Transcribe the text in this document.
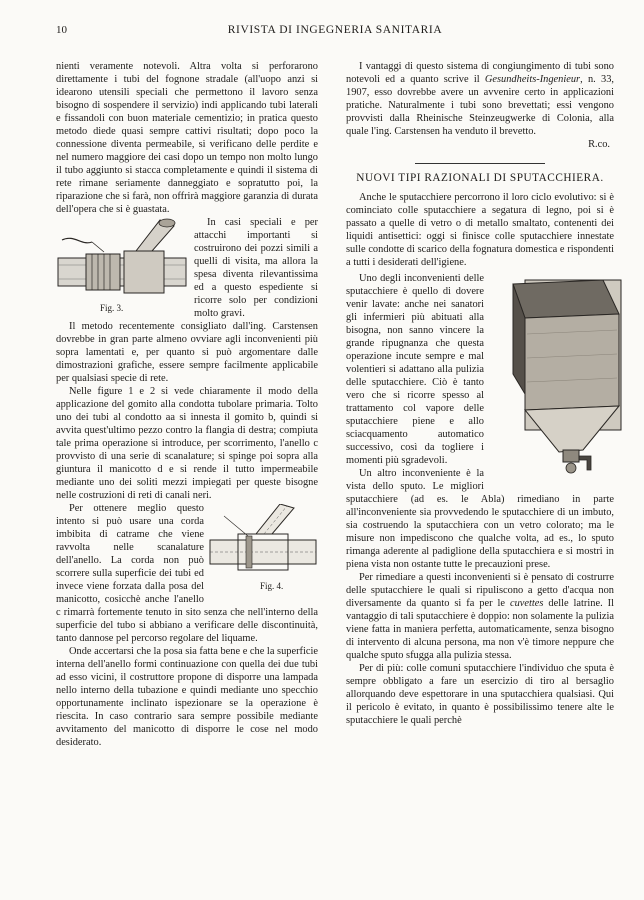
10	RIVISTA DI INGEGNERIA SANITARIA

nienti veramente notevoli. Altra volta si perforarono direttamente i tubi del fognone stradale (all'uopo anzi si idearono utensili speciali che permettono il lavoro senza bisogno di sospendere il servizio) indi applicando tubi laterali e fissandoli con buon materiale cementizio; in pratica questo metodo diede quasi sempre cattivi risultati; dopo poco la connessione diventa permeabile, si verificano delle perdite e nel numero maggiore dei casi dopo un tempo non molto lungo il tubo aggiunto si stacca completamente e quindi il sistema di rete rimane seriamente danneggiato e sopratutto poi, la riparazione che si farà, non offrirà maggiore garanzia di durata dell'opera che si è guastata.

Fig. 3.

In casi speciali e per attacchi importanti si costruirono dei pozzi simili a quelli di visita, ma allora la spesa diventa rilevantissima ed a questo espediente si ricorre solo per condizioni molto gravi.

Il metodo recentemente consigliato dall'ing. Carstensen dovrebbe in gran parte almeno ovviare agli inconvenienti più sopra lamentati e, per quanto si può argomentare dalle dimostrazioni grafiche, essere sempre facilmente applicabile per qualsiasi specie di rete.

Nelle figure 1 e 2 si vede chiaramente il modo della applicazione del gomito alla condotta tubolare primaria. Tolto uno dei tubi al condotto aa si innesta il gomito b, quindi si avvita quest'ultimo pezzo contro la flangia di destra; compiuta tale prima operazione si introduce, per scorrimento, l'anello c provvisto di una serie di scanalature; si spinge poi sopra alla giuntura il manicotto d e si rende il tutto impermeabile mediante uno dei soliti mezzi impiegati per queste bisogne nelle costruzioni di reti di canali neri.

Fig. 4.

Per ottenere meglio questo intento si può usare una corda imbibita di catrame che viene ravvolta nelle scanalature dell'anello. La corda non può scorrere sulla superficie dei tubi ed invece viene forzata dalla posa del manicotto, cosicchè anche l'anello c rimarrà fortemente tenuto in sito senza che nell'interno della superficie del tubo si abbiano a verificare delle discontinuità, tanto dannose pel percorso regolare del liquame.

Onde accertarsi che la posa sia fatta bene e che la superficie interna dell'anello formi continuazione con quella dei due tubi ad esso vicini, il costruttore propone di disporre una lampada nello interno della tubazione e quindi mediante uno specchio opportunamente inclinato ispezionare se la operazione è riescita. In caso contrario sara sempre possibile mediante avvitamento del manicotto di disporre le cose nel modo desiderato.

I vantaggi di questo sistema di congiungimento di tubi sono notevoli ed a quanto scrive il Gesundheits-Ingenieur, n. 33, 1907, esso dovrebbe avere un avvenire certo in applicazioni pratiche. Naturalmente i tubi sono brevettati; essi vengono provvisti dalla Rheinische Steinzeugwerke di Colonia, alla quale l'ing. Carstensen ha venduto il brevetto.

R.co.

NUOVI TIPI RAZIONALI DI SPUTACCHIERA.

Anche le sputacchiere percorrono il loro ciclo evolutivo: si è cominciato colle sputacchiere a segatura di legno, poi si è passato a quelle di vetro o di metallo smaltato, contenenti dei liquidi antisettici: oggi si finisce colle sputacchiere innestate sulle condotte di scarico della fognatura domestica e rispondenti a tutti i desiderati dell'igiene.

Uno degli inconvenienti delle sputacchiere è quello di dovere venir lavate: anche nei sanatori gli infermieri più abituati alla bisogna, non sanno vincere la grande ripugnanza che questa operazione incute sempre e mal volentieri si adattano alla pulizia delle sputacchiere. Ciò è tanto vero che si ricorre spesso al trattamento col vapore delle sputacchiere piene e allo sciacquamento automatico successivo, così da togliere i momenti più sgradevoli.

Un altro inconveniente è la vista dello sputo. Le migliori sputacchiere (ad es. le Abla) rimediano in parte all'inconveniente sia provvedendo le sputacchiere di un imbuto, sia costruendo la sputacchiera con un vetro colorato; ma le misure non impediscono che qualche volta, ad es., lo sputo rimanga aderente al padiglione della sputacchiera e si mostri in piena vista non ostante tutte le precauzioni prese.

Per rimediare a questi inconvenienti si è pensato di costrurre delle sputacchiere le quali si ripuliscono a getto d'acqua non diversamente da quanto si fa per le cuvettes delle latrine. Il vantaggio di tali sputacchiere è doppio: non solamente la pulizia viene fatta in maniera perfetta, automaticamente, senza bisogno di intervento di alcuna persona, ma non v'è timore neppure che qualche sputo sfugga alla pulizia stessa.

Per di più: colle comuni sputacchiere l'individuo che sputa è sempre obbligato a fare un esercizio di tiro al bersaglio allorquando deve espettorare in una sputacchiera qualsiasi. Qui il pericolo è evitato, in quanto è possibilissimo tenere alte le sputacchiere le quali perchè
